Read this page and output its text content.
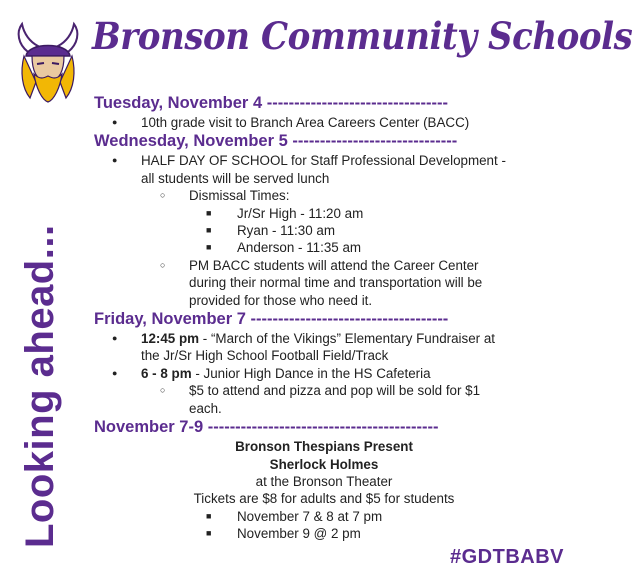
Bronson Community Schools
Looking ahead...
Tuesday, November 4 ---------------------------------
● 10th grade visit to Branch Area Careers Center (BACC)
Wednesday, November 5 ------------------------------
● HALF DAY OF SCHOOL for Staff Professional Development -
all students will be served lunch
○ Dismissal Times:
■ Jr/Sr High - 11:20 am
■ Ryan - 11:30 am
■ Anderson - 11:35 am
○ PM BACC students will attend the Career Center
during their normal time and transportation will be
provided for those who need it.
Friday, November 7 ------------------------------------
● 12:45 pm - “March of the Vikings” Elementary Fundraiser at
the Jr/Sr High School Football Field/Track
● 6 - 8 pm - Junior High Dance in the HS Cafeteria
○ $5 to attend and pizza and pop will be sold for $1
each.
November 7-9 ------------------------------------------
Bronson Thespians Present
Sherlock Holmes
at the Bronson Theater
Tickets are $8 for adults and $5 for students
■ November 7 & 8 at 7 pm
■ November 9 @ 2 pm
#GDTBABV
